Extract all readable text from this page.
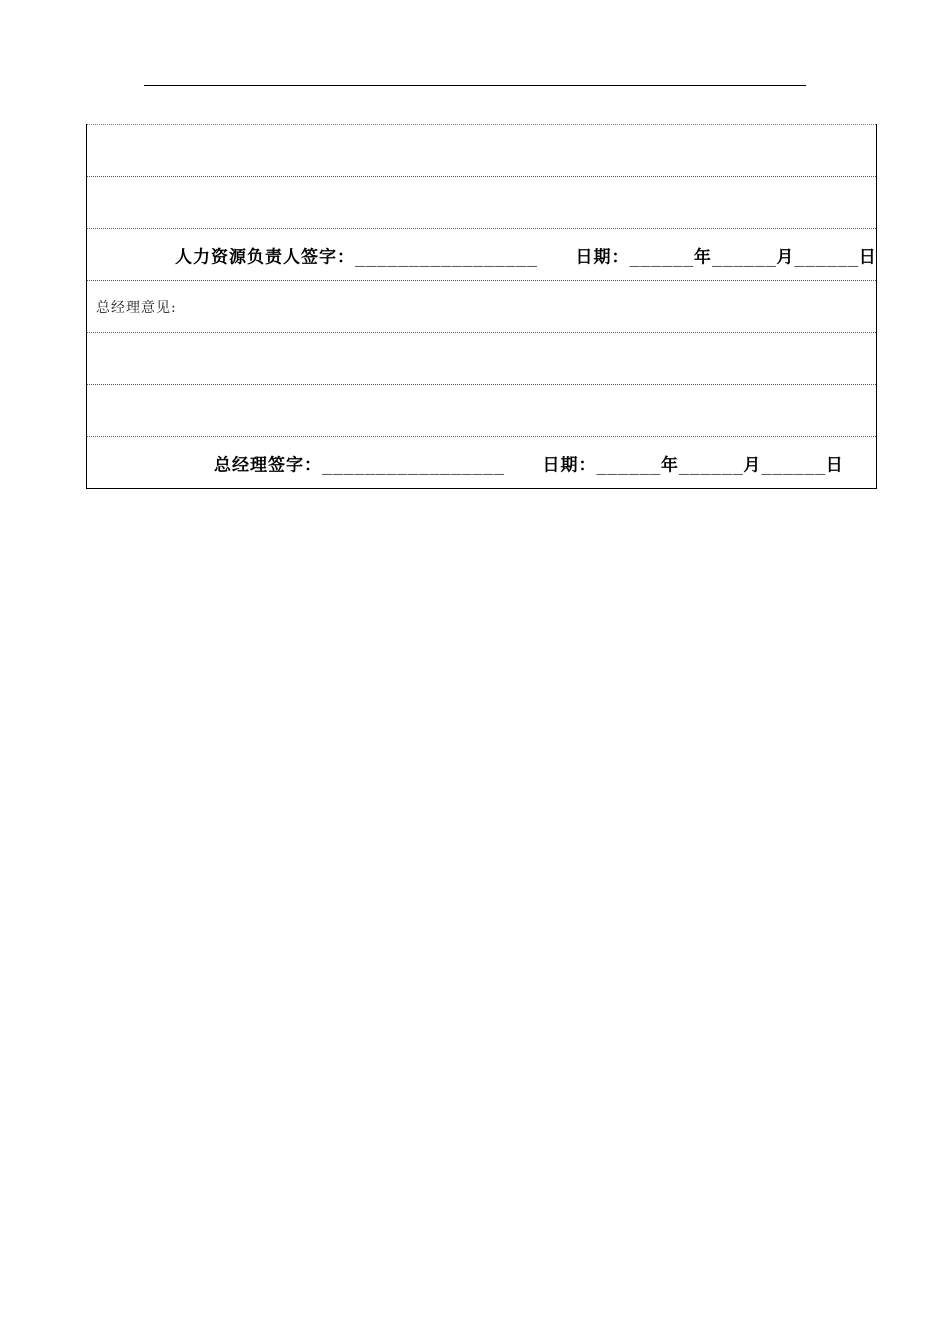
人力资源负责人签字：_________________ 日期：______年______月______日
总经理意见:
总经理签字：_________________ 日期：______年______月______日
